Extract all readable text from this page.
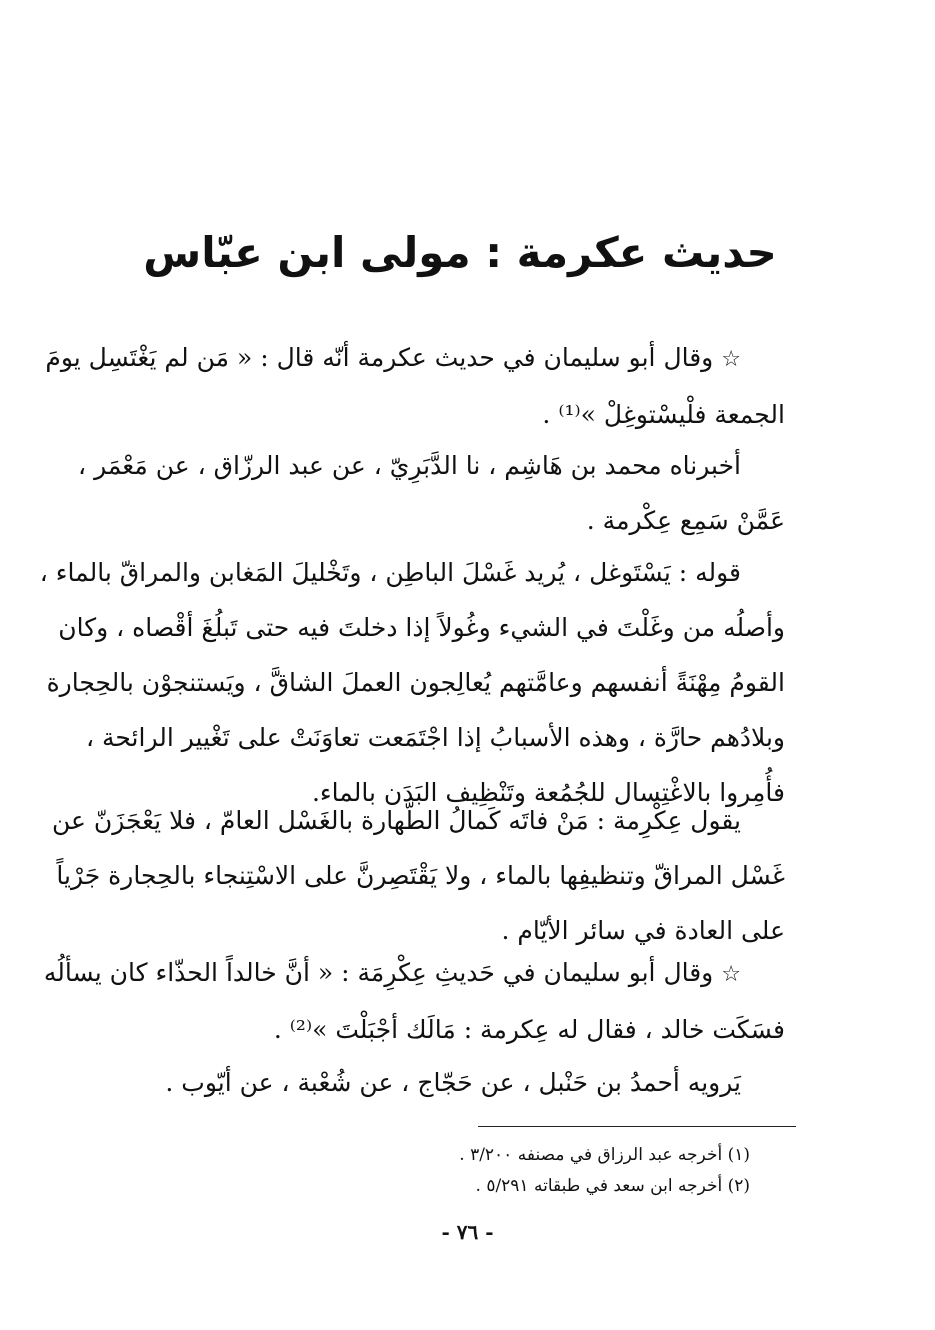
حديث عكرمة : مولى ابن عبّاس

☆وقال أبو سليمان في حديث عكرمة أنّه قال : « مَن لم يَغْتَسِل يومَ
الجمعة فلْيسْتوغِلْ »⁽¹⁾ .

أخبرناه محمد بن هَاشِم ، نا الدَّبَرِيّ ، عن عبد الرزّاق ، عن مَعْمَر ،
عَمَّنْ سَمِع عِكْرمة .

قوله : يَسْتَوغل ، يُريد غَسْلَ الباطِن ، وتَخْليلَ المَغابن والمراقّ بالماء ،
وأصلُه من وغَلْتَ في الشيء وغُولاً إذا دخلتَ فيه حتى تَبلُغَ أقْصاه ، وكان
القومُ مِهْنَةً أنفسهم وعامَّتهم يُعالِجون العملَ الشاقَّ ، ويَستنجوْن بالحِجارة
وبلادُهم حارَّة ، وهذه الأسبابُ إذا اجْتَمَعت تعاوَنَتْ على تَغْيير الرائحة ،
فأُمِروا بالاغْتِسال للجُمُعة وتَنْظِيف البَدَن بالماء.

يقول عِكْرِمة : مَنْ فاتَه كَمالُ الطَّهارة بالغَسْل العامّ ، فلا يَعْجَزَنّ عن
غَسْل المراقّ وتنظيفِها بالماء ، ولا يَقْتَصِرنَّ على الاسْتِنجاء بالحِجارة جَرْياً
على العادة في سائر الأيّام .

☆وقال أبو سليمان في حَديثِ عِكْرِمَة : « أنَّ خالداً الحذّاء كان يسألُه
فسَكَت خالد ، فقال له عِكرمة : مَالَك أجْبَلْتَ »⁽²⁾ .

يَرويه أحمدُ بن حَنْبل ، عن حَجّاج ، عن شُعْبة ، عن أيّوب .

(١) أخرجه عبد الرزاق في مصنفه ٣/٢٠٠ .
(٢) أخرجه ابن سعد في طبقاته ٥/٢٩١ .
- ٧٦ -
